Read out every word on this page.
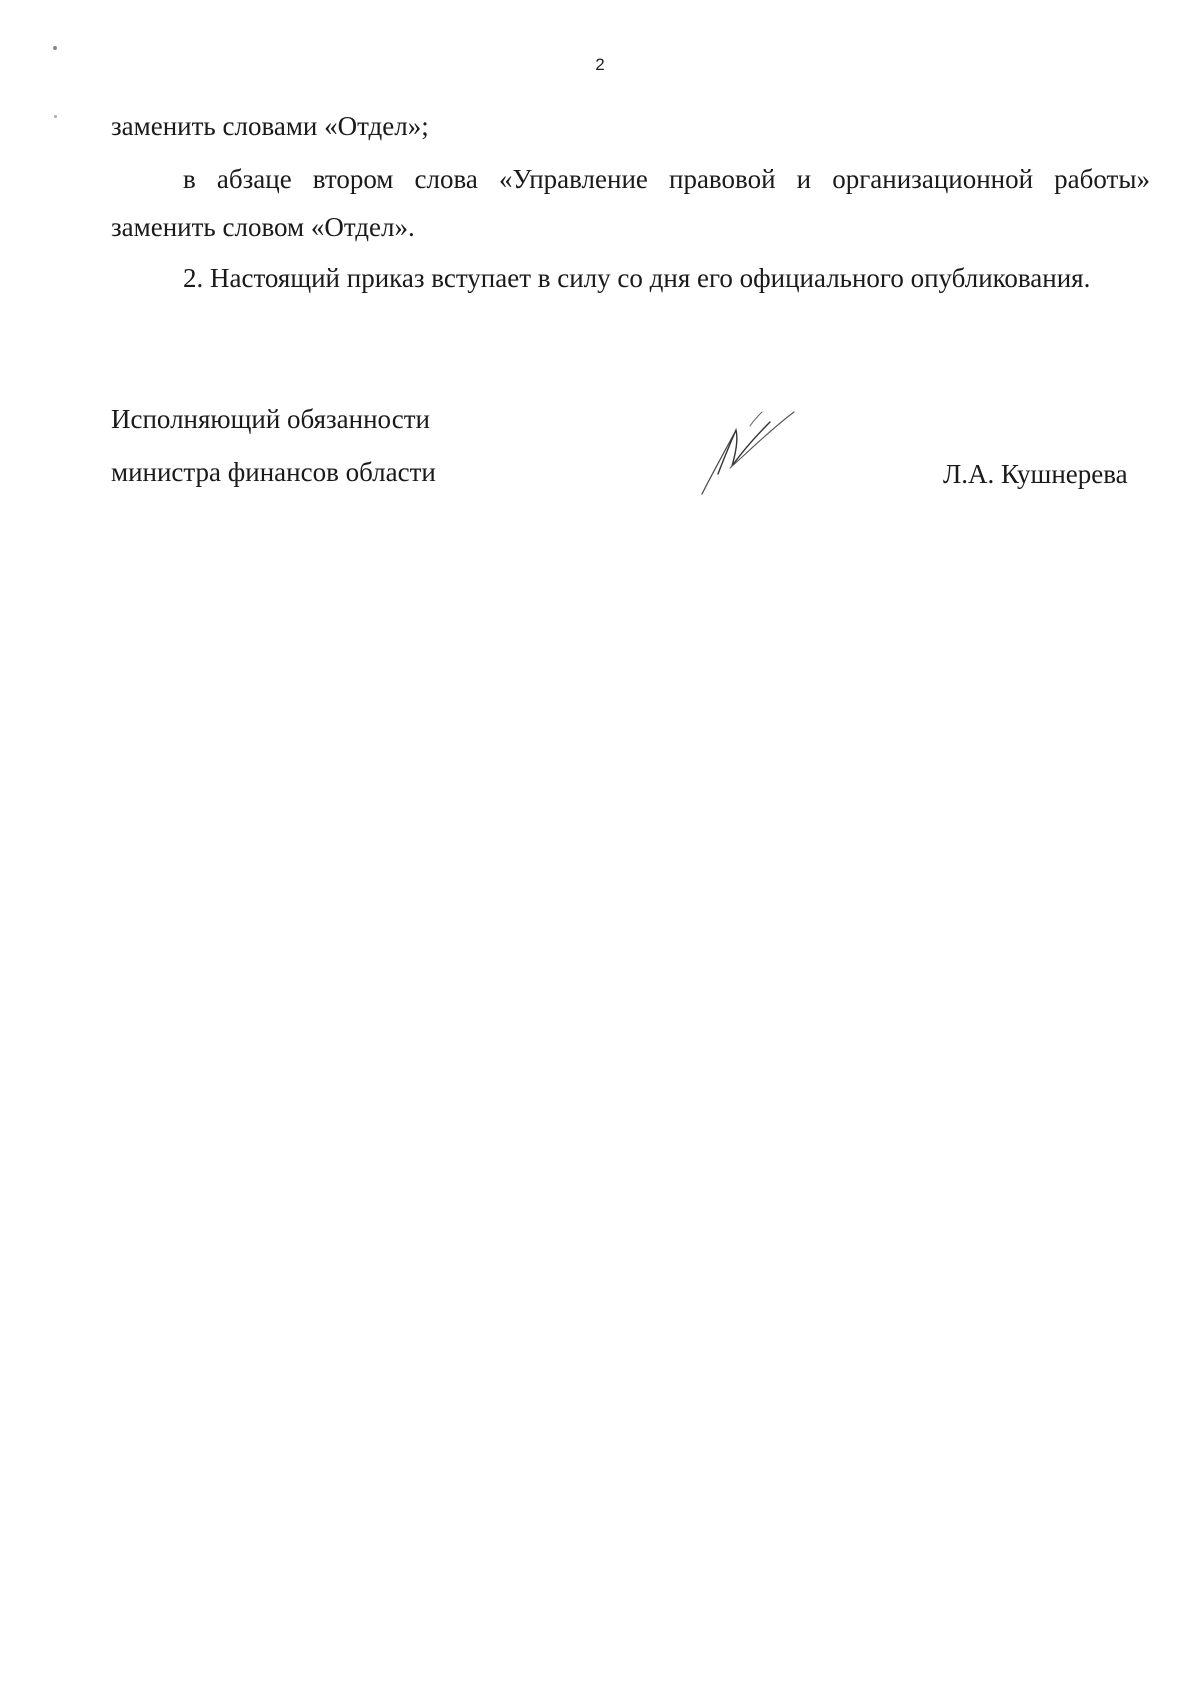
2
заменить словами «Отдел»;
в абзаце втором слова «Управление правовой и организационной работы»
заменить словом «Отдел».
2. Настоящий приказ вступает в силу со дня его официального опубликования.
Исполняющий обязанности
министра финансов области	Л.А. Кушнерева
